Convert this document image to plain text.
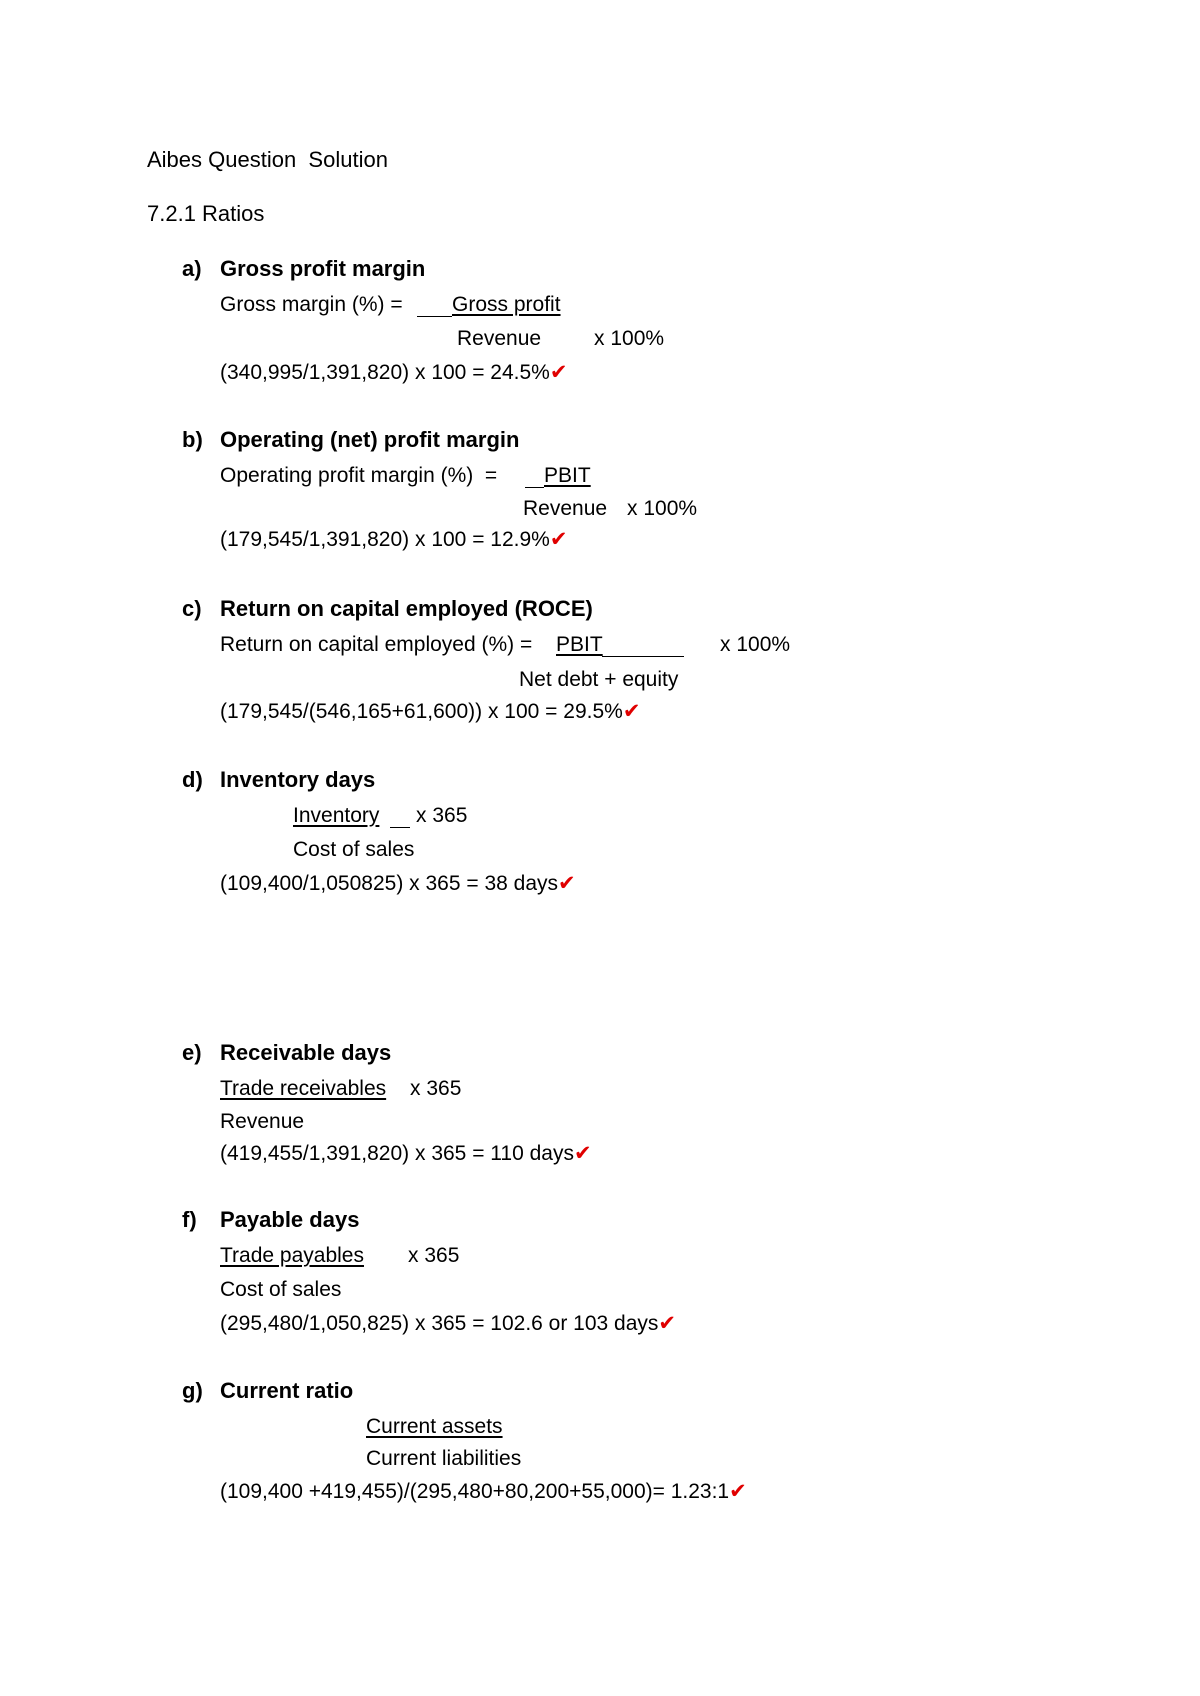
Aibes Question  Solution
7.2.1 Ratios
a) Gross profit margin
Gross margin (%) = Gross profit
Revenue	x 100%
(340,995/1,391,820) x 100 = 24.5%✔
b) Operating (net) profit margin
Operating profit margin (%)  = PBIT
Revenue x 100%
(179,545/1,391,820) x 100 = 12.9%✔
c) Return on capital employed (ROCE)
Return on capital employed (%) = PBIT	x 100%
Net debt + equity
(179,545/(546,165+61,600)) x 100 = 29.5%✔
d) Inventory days
Inventory x 365
Cost of sales
(109,400/1,050825) x 365 = 38 days✔
e) Receivable days
Trade receivables x 365
Revenue
(419,455/1,391,820) x 365 = 110 days✔
f) Payable days
Trade payables x 365
Cost of sales
(295,480/1,050,825) x 365 = 102.6 or 103 days✔
g) Current ratio
Current assets
Current liabilities
(109,400 +419,455)/(295,480+80,200+55,000)= 1.23:1✔
